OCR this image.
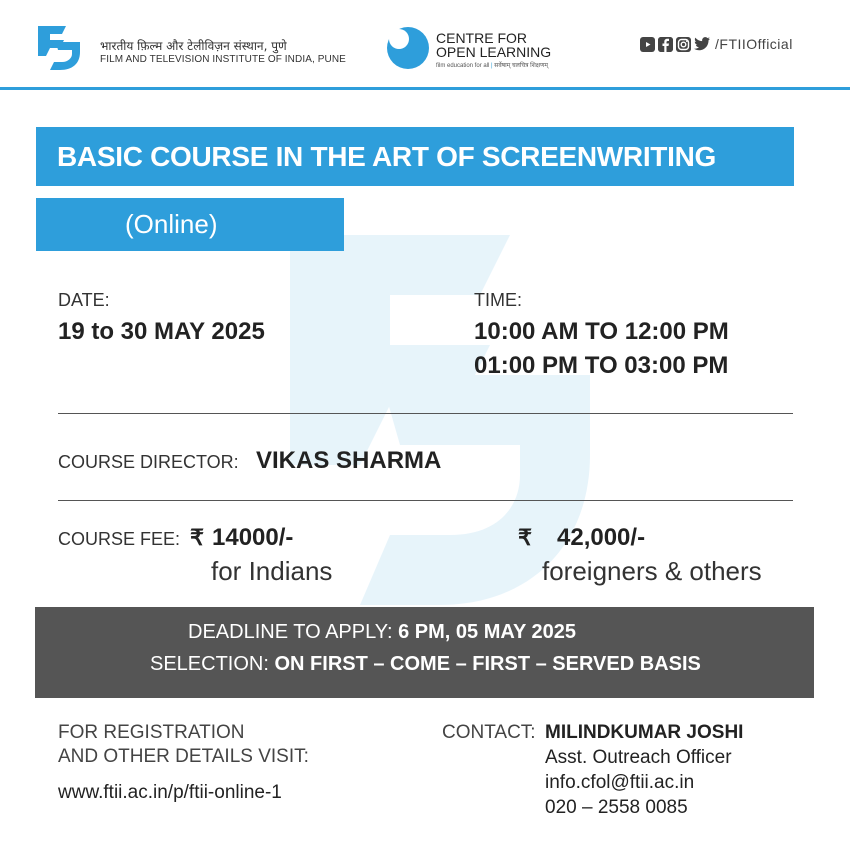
भारतीय फ़िल्म और टेलीविज़न संस्थान, पुणे
FILM AND TELEVISION INSTITUTE OF INDIA, PUNE
CENTRE FOR
OPEN LEARNING
film education for all | सर्वेषाम् चलचित्र शिक्षणम्
/FTIIOfficial
BASIC COURSE IN THE ART OF SCREENWRITING
(Online)
DATE:
19 to 30 MAY 2025
TIME:
10:00 AM TO 12:00 PM
01:00 PM TO 03:00 PM
COURSE DIRECTOR: VIKAS SHARMA
COURSE FEE: ₹ 14000/-
for Indians
₹ 42,000/-
foreigners & others
DEADLINE TO APPLY: 6 PM, 05 MAY 2025
SELECTION: ON FIRST – COME – FIRST – SERVED BASIS
FOR REGISTRATION
AND OTHER DETAILS VISIT:
www.ftii.ac.in/p/ftii-online-1
CONTACT: MILINDKUMAR JOSHI
Asst. Outreach Officer
info.cfol@ftii.ac.in
020 – 2558 0085
